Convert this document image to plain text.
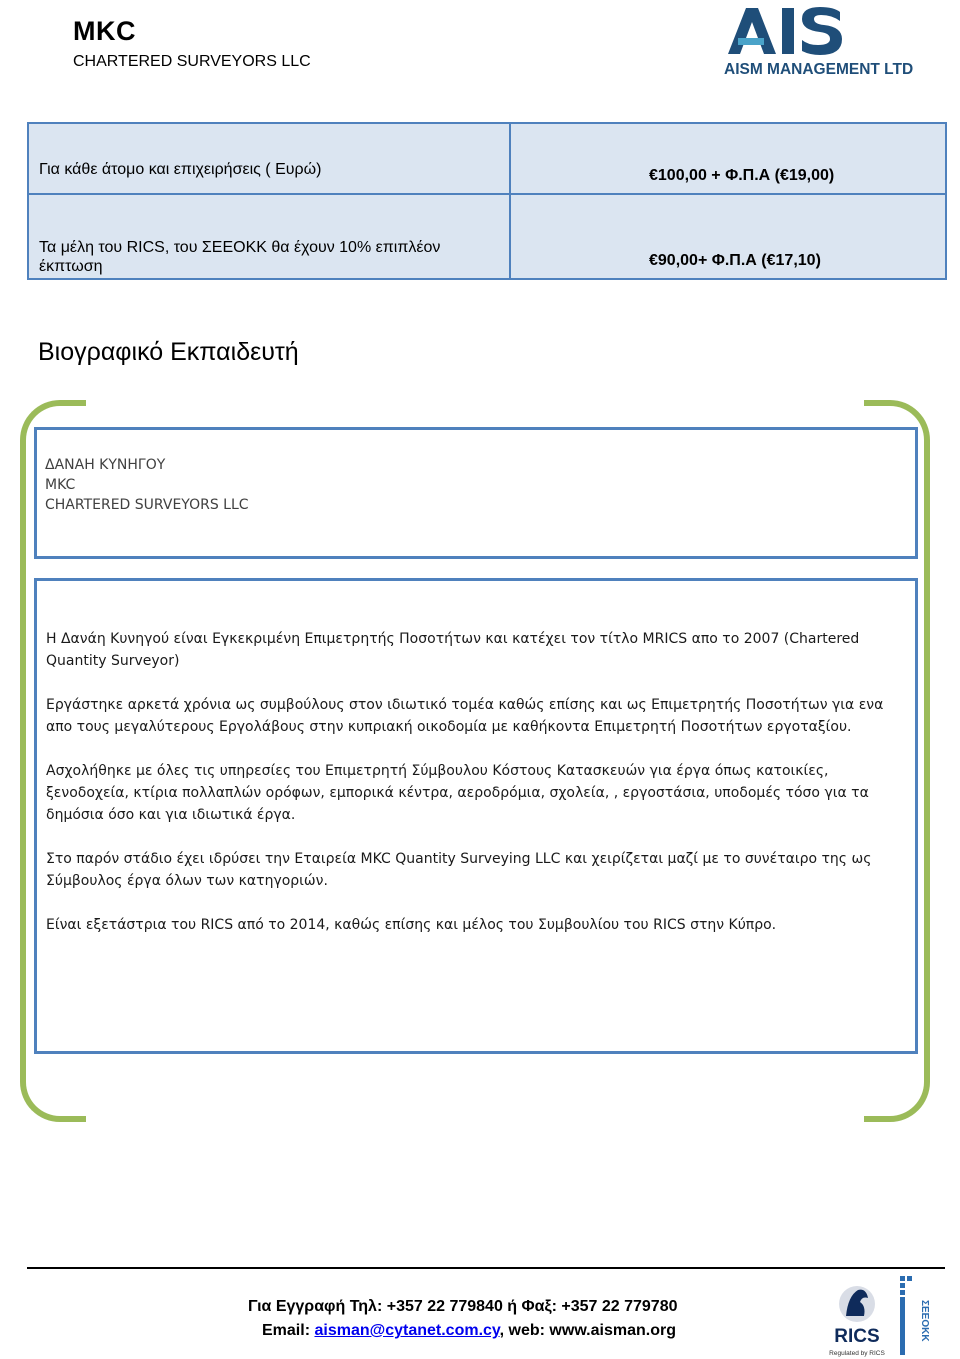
MKC
CHARTERED SURVEYORS LLC	AISM MANAGEMENT LTD
Για κάθε άτομο και επιχειρήσεις ( Ευρώ)	€100,00 + Φ.Π.Α (€19,00)
Τα μέλη του RICS, του ΣΕΕΟΚΚ θα έχουν 10% επιπλέον έκπτωση	€90,00+ Φ.Π.Α (€17,10)
Βιογραφικό Εκπαιδευτή
ΔΑΝΑΗ ΚΥΝΗΓΟΥ
MKC
CHARTERED SURVEYORS LLC

Η Δανάη Κυνηγού είναι Εγκεκριμένη Επιμετρητής Ποσοτήτων και κατέχει τον τίτλο MRICS απο το 2007 (Chartered Quantity Surveyor)

Εργάστηκε αρκετά χρόνια ως συμβούλους στον ιδιωτικό τομέα καθώς επίσης και ως Επιμετρητής Ποσοτήτων για ενα απο τους μεγαλύτερους Εργολάβους στην κυπριακή οικοδομία με καθήκοντα Επιμετρητή Ποσοτήτων εργοταξίου.

Ασχολήθηκε με όλες τις υπηρεσίες του Επιμετρητή Σύμβουλου Κόστους Κατασκευών για έργα όπως κατοικίες, ξενοδοχεία, κτίρια πολλαπλών ορόφων, εμπορικά κέντρα, αεροδρόμια, σχολεία, , εργοστάσια, υποδομές τόσο για τα δημόσια όσο και για ιδιωτικά έργα.

Στο παρόν στάδιο έχει ιδρύσει την Εταιρεία MKC Quantity Surveying LLC και χειρίζεται μαζί με το συνέταιρο της ως Σύμβουλος έργα όλων των κατηγοριών.

Είναι εξετάστρια του RICS από το 2014, καθώς επίσης και μέλος του Συμβουλίου του RICS στην Κύπρο.

Για Εγγραφή Τηλ: +357 22 779840 ή Φαξ: +357 22 779780
Email: aisman@cytanet.com.cy, web: www.aisman.org	RICS
Regulated by RICS
ΣΕΕΟΚΚ
